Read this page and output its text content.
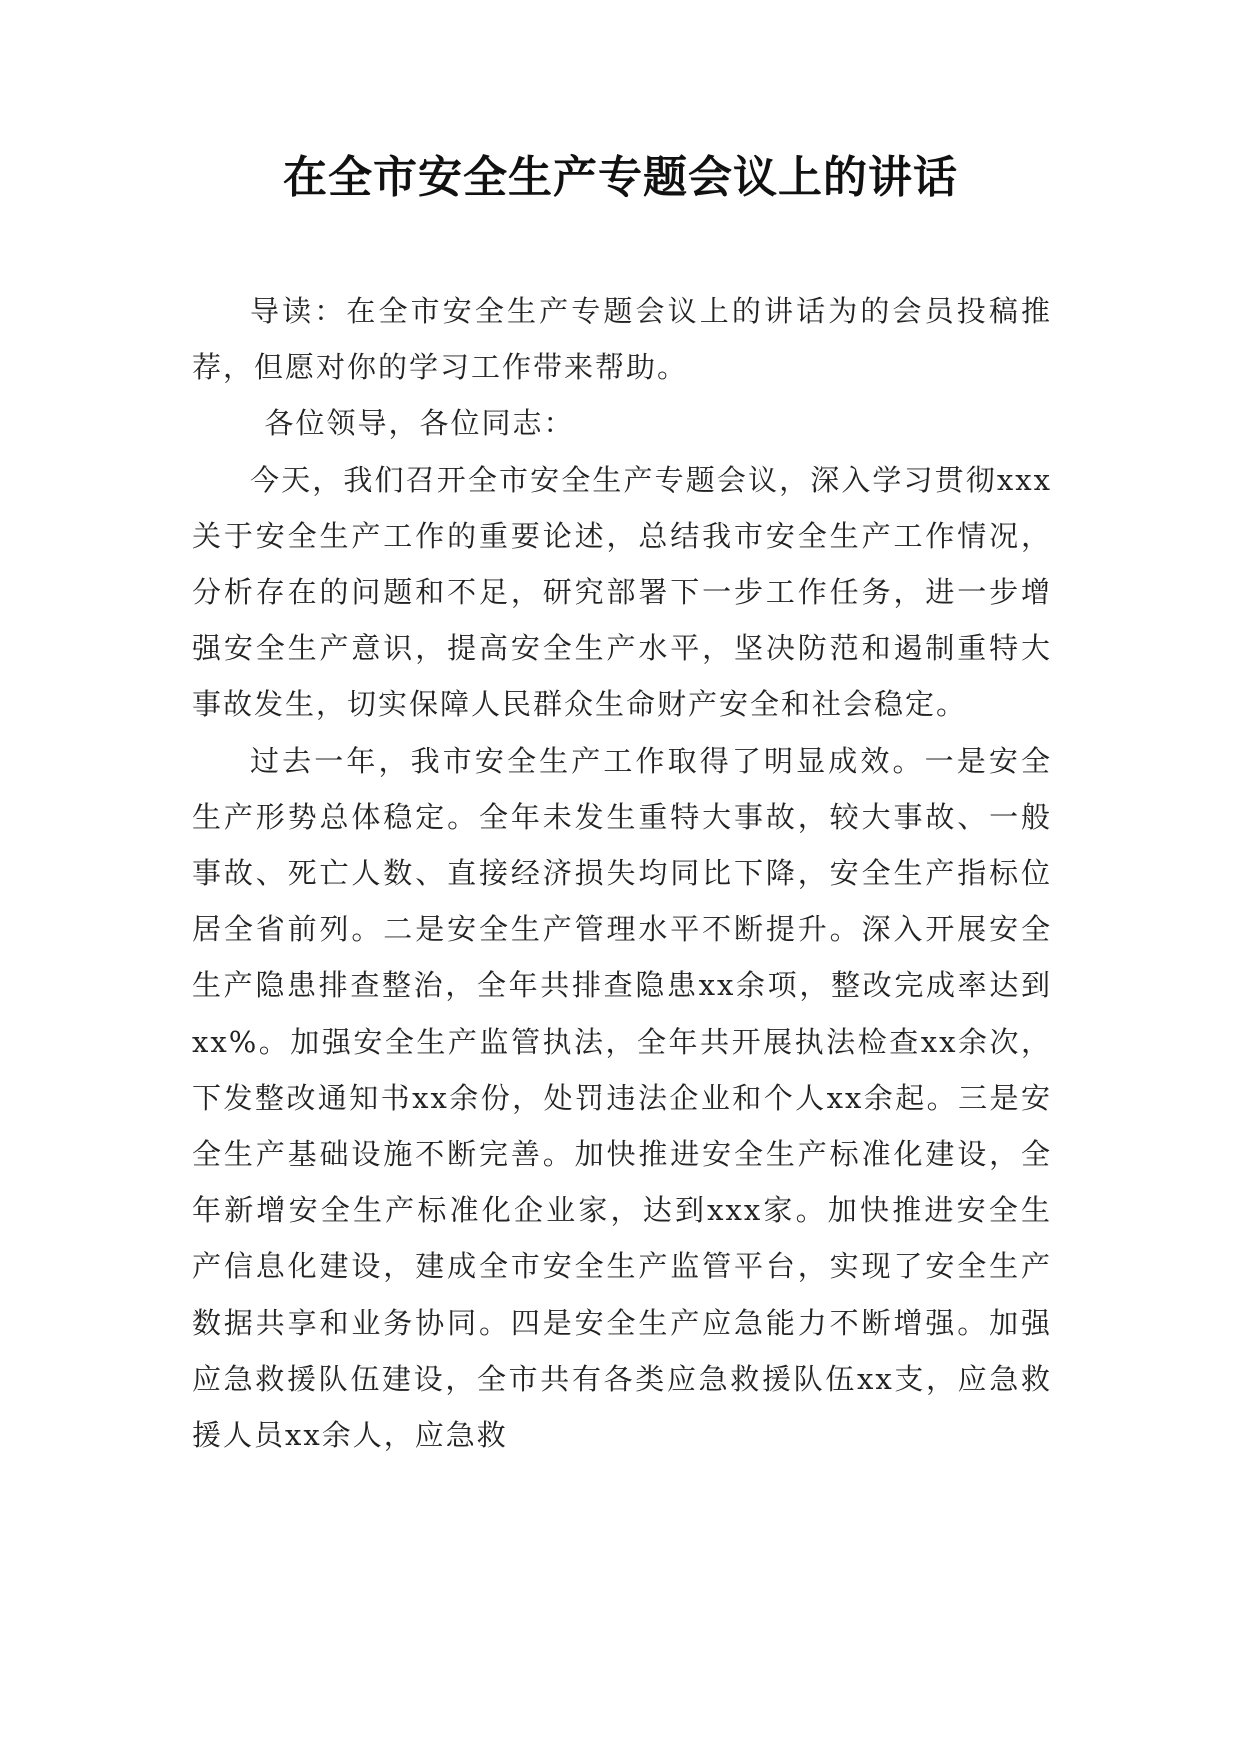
在全市安全生产专题会议上的讲话

导读：在全市安全生产专题会议上的讲话为的会员投稿推荐，但愿对你的学习工作带来帮助。

各位领导，各位同志：

今天，我们召开全市安全生产专题会议，深入学习贯彻xxx关于安全生产工作的重要论述，总结我市安全生产工作情况，分析存在的问题和不足，研究部署下一步工作任务，进一步增强安全生产意识，提高安全生产水平，坚决防范和遏制重特大事故发生，切实保障人民群众生命财产安全和社会稳定。

过去一年，我市安全生产工作取得了明显成效。一是安全生产形势总体稳定。全年未发生重特大事故，较大事故、一般事故、死亡人数、直接经济损失均同比下降，安全生产指标位居全省前列。二是安全生产管理水平不断提升。深入开展安全生产隐患排查整治，全年共排查隐患xx余项，整改完成率达到xx%。加强安全生产监管执法，全年共开展执法检查xx余次，下发整改通知书xx余份，处罚违法企业和个人xx余起。三是安全生产基础设施不断完善。加快推进安全生产标准化建设，全年新增安全生产标准化企业家，达到xxx家。加快推进安全生产信息化建设，建成全市安全生产监管平台，实现了安全生产数据共享和业务协同。四是安全生产应急能力不断增强。加强应急救援队伍建设，全市共有各类应急救援队伍xx支，应急救援人员xx余人，应急救
